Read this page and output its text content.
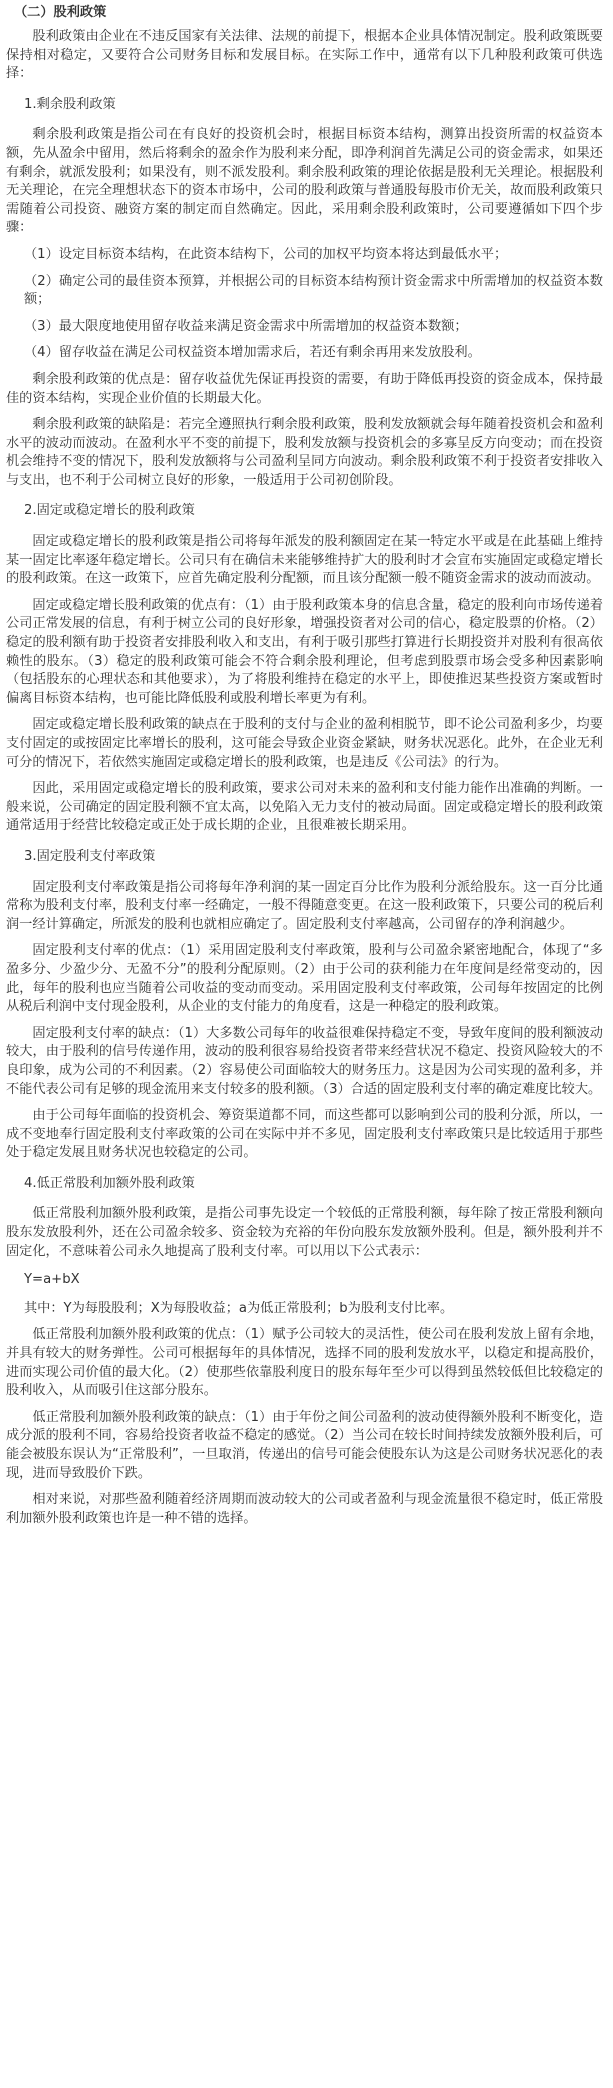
（二）股利政策

股利政策由企业在不违反国家有关法律、法规的前提下，根据本企业具体情况制定。股利政策既要保持相对稳定，又要符合公司财务目标和发展目标。在实际工作中，通常有以下几种股利政策可供选择：

1.剩余股利政策

剩余股利政策是指公司在有良好的投资机会时，根据目标资本结构，测算出投资所需的权益资本额，先从盈余中留用，然后将剩余的盈余作为股利来分配，即净利润首先满足公司的资金需求，如果还有剩余，就派发股利；如果没有，则不派发股利。剩余股利政策的理论依据是股利无关理论。根据股利无关理论，在完全理想状态下的资本市场中，公司的股利政策与普通股每股市价无关，故而股利政策只需随着公司投资、融资方案的制定而自然确定。因此，采用剩余股利政策时，公司要遵循如下四个步骤：

（1）设定目标资本结构，在此资本结构下，公司的加权平均资本将达到最低水平；

（2）确定公司的最佳资本预算，并根据公司的目标资本结构预计资金需求中所需增加的权益资本数额；

（3）最大限度地使用留存收益来满足资金需求中所需增加的权益资本数额；

（4）留存收益在满足公司权益资本增加需求后，若还有剩余再用来发放股利。

剩余股利政策的优点是：留存收益优先保证再投资的需要，有助于降低再投资的资金成本，保持最佳的资本结构，实现企业价值的长期最大化。

剩余股利政策的缺陷是：若完全遵照执行剩余股利政策，股利发放额就会每年随着投资机会和盈利水平的波动而波动。在盈利水平不变的前提下，股利发放额与投资机会的多寡呈反方向变动；而在投资机会维持不变的情况下，股利发放额将与公司盈利呈同方向波动。剩余股利政策不利于投资者安排收入与支出，也不利于公司树立良好的形象，一般适用于公司初创阶段。

2.固定或稳定增长的股利政策

固定或稳定增长的股利政策是指公司将每年派发的股利额固定在某一特定水平或是在此基础上维持某一固定比率逐年稳定增长。公司只有在确信未来能够维持扩大的股利时才会宣布实施固定或稳定增长的股利政策。在这一政策下，应首先确定股利分配额，而且该分配额一般不随资金需求的波动而波动。

固定或稳定增长股利政策的优点有：（1）由于股利政策本身的信息含量，稳定的股利向市场传递着公司正常发展的信息，有利于树立公司的良好形象，增强投资者对公司的信心，稳定股票的价格。（2）稳定的股利额有助于投资者安排股利收入和支出，有利于吸引那些打算进行长期投资并对股利有很高依赖性的股东。（3）稳定的股利政策可能会不符合剩余股利理论，但考虑到股票市场会受多种因素影响（包括股东的心理状态和其他要求），为了将股利维持在稳定的水平上，即使推迟某些投资方案或暂时偏离目标资本结构，也可能比降低股利或股利增长率更为有利。

固定或稳定增长股利政策的缺点在于股利的支付与企业的盈利相脱节，即不论公司盈利多少，均要支付固定的或按固定比率增长的股利，这可能会导致企业资金紧缺，财务状况恶化。此外，在企业无利可分的情况下，若依然实施固定或稳定增长的股利政策，也是违反《公司法》的行为。

因此，采用固定或稳定增长的股利政策，要求公司对未来的盈利和支付能力能作出准确的判断。一般来说，公司确定的固定股利额不宜太高，以免陷入无力支付的被动局面。固定或稳定增长的股利政策通常适用于经营比较稳定或正处于成长期的企业，且很难被长期采用。

3.固定股利支付率政策

固定股利支付率政策是指公司将每年净利润的某一固定百分比作为股利分派给股东。这一百分比通常称为股利支付率，股利支付率一经确定，一般不得随意变更。在这一股利政策下，只要公司的税后利润一经计算确定，所派发的股利也就相应确定了。固定股利支付率越高，公司留存的净利润越少。

固定股利支付率的优点：（1）采用固定股利支付率政策，股利与公司盈余紧密地配合，体现了“多盈多分、少盈少分、无盈不分”的股利分配原则。（2）由于公司的获利能力在年度间是经常变动的，因此，每年的股利也应当随着公司收益的变动而变动。采用固定股利支付率政策，公司每年按固定的比例从税后利润中支付现金股利，从企业的支付能力的角度看，这是一种稳定的股利政策。

固定股利支付率的缺点：（1）大多数公司每年的收益很难保持稳定不变，导致年度间的股利额波动较大，由于股利的信号传递作用，波动的股利很容易给投资者带来经营状况不稳定、投资风险较大的不良印象，成为公司的不利因素。（2）容易使公司面临较大的财务压力。这是因为公司实现的盈利多，并不能代表公司有足够的现金流用来支付较多的股利额。（3）合适的固定股利支付率的确定难度比较大。

由于公司每年面临的投资机会、筹资渠道都不同，而这些都可以影响到公司的股利分派，所以，一成不变地奉行固定股利支付率政策的公司在实际中并不多见，固定股利支付率政策只是比较适用于那些处于稳定发展且财务状况也较稳定的公司。

4.低正常股利加额外股利政策

低正常股利加额外股利政策，是指公司事先设定一个较低的正常股利额，每年除了按正常股利额向股东发放股利外，还在公司盈余较多、资金较为充裕的年份向股东发放额外股利。但是，额外股利并不固定化，不意味着公司永久地提高了股利支付率。可以用以下公式表示：

Y=a+bX

其中：Y为每股股利；X为每股收益；a为低正常股利；b为股利支付比率。

低正常股利加额外股利政策的优点：（1）赋予公司较大的灵活性，使公司在股利发放上留有余地，并具有较大的财务弹性。公司可根据每年的具体情况，选择不同的股利发放水平，以稳定和提高股价，进而实现公司价值的最大化。（2）使那些依靠股利度日的股东每年至少可以得到虽然较低但比较稳定的股利收入，从而吸引住这部分股东。

低正常股利加额外股利政策的缺点：（1）由于年份之间公司盈利的波动使得额外股利不断变化，造成分派的股利不同，容易给投资者收益不稳定的感觉。（2）当公司在较长时间持续发放额外股利后，可能会被股东误认为“正常股利”，一旦取消，传递出的信号可能会使股东认为这是公司财务状况恶化的表现，进而导致股价下跌。

相对来说，对那些盈利随着经济周期而波动较大的公司或者盈利与现金流量很不稳定时，低正常股利加额外股利政策也许是一种不错的选择。
